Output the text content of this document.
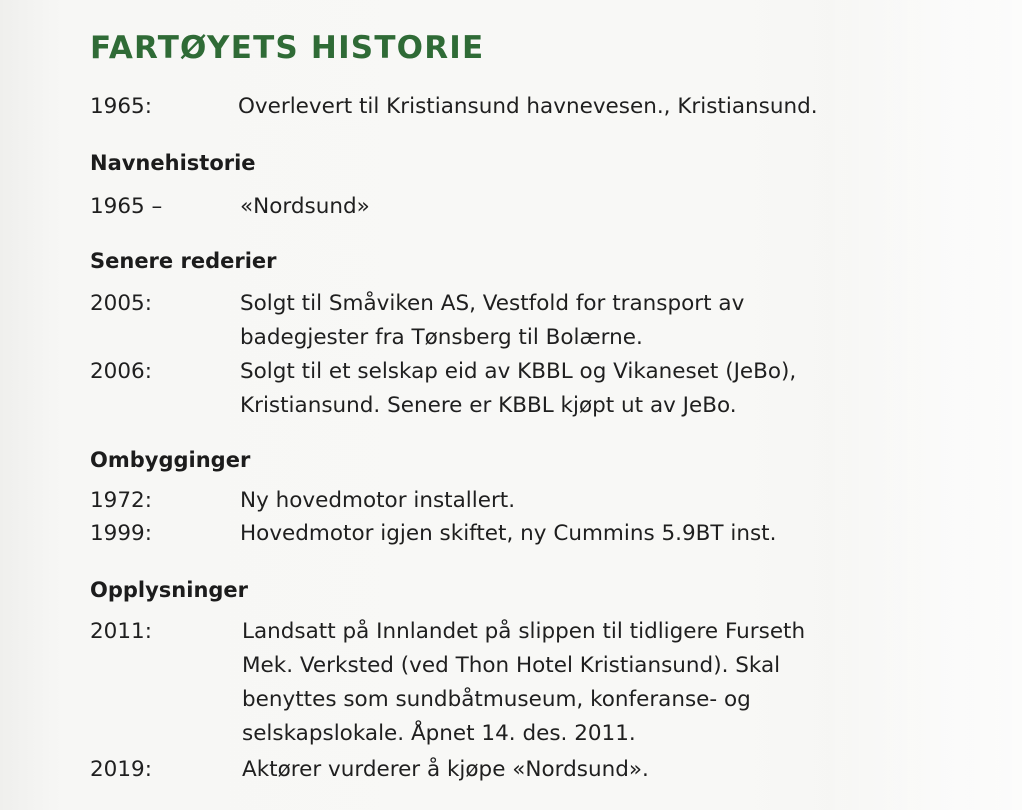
FARTØYETS HISTORIE
1965:	Overlevert til Kristiansund havnevesen., Kristiansund.
Navnehistorie
1965 –	«Nordsund»
Senere rederier
2005:	Solgt til Småviken AS, Vestfold for transport av
badegjester fra Tønsberg til Bolærne.
2006:	Solgt til et selskap eid av KBBL og Vikaneset (JeBo),
Kristiansund. Senere er KBBL kjøpt ut av JeBo.
Ombygginger
1972:	Ny hovedmotor installert.
1999:	Hovedmotor igjen skiftet, ny Cummins 5.9BT inst.
Opplysninger
2011:	Landsatt på Innlandet på slippen til tidligere Furseth
Mek. Verksted (ved Thon Hotel Kristiansund). Skal
benyttes som sundbåtmuseum, konferanse- og
selskapslokale. Åpnet 14. des. 2011.
2019:	Aktører vurderer å kjøpe «Nordsund».
